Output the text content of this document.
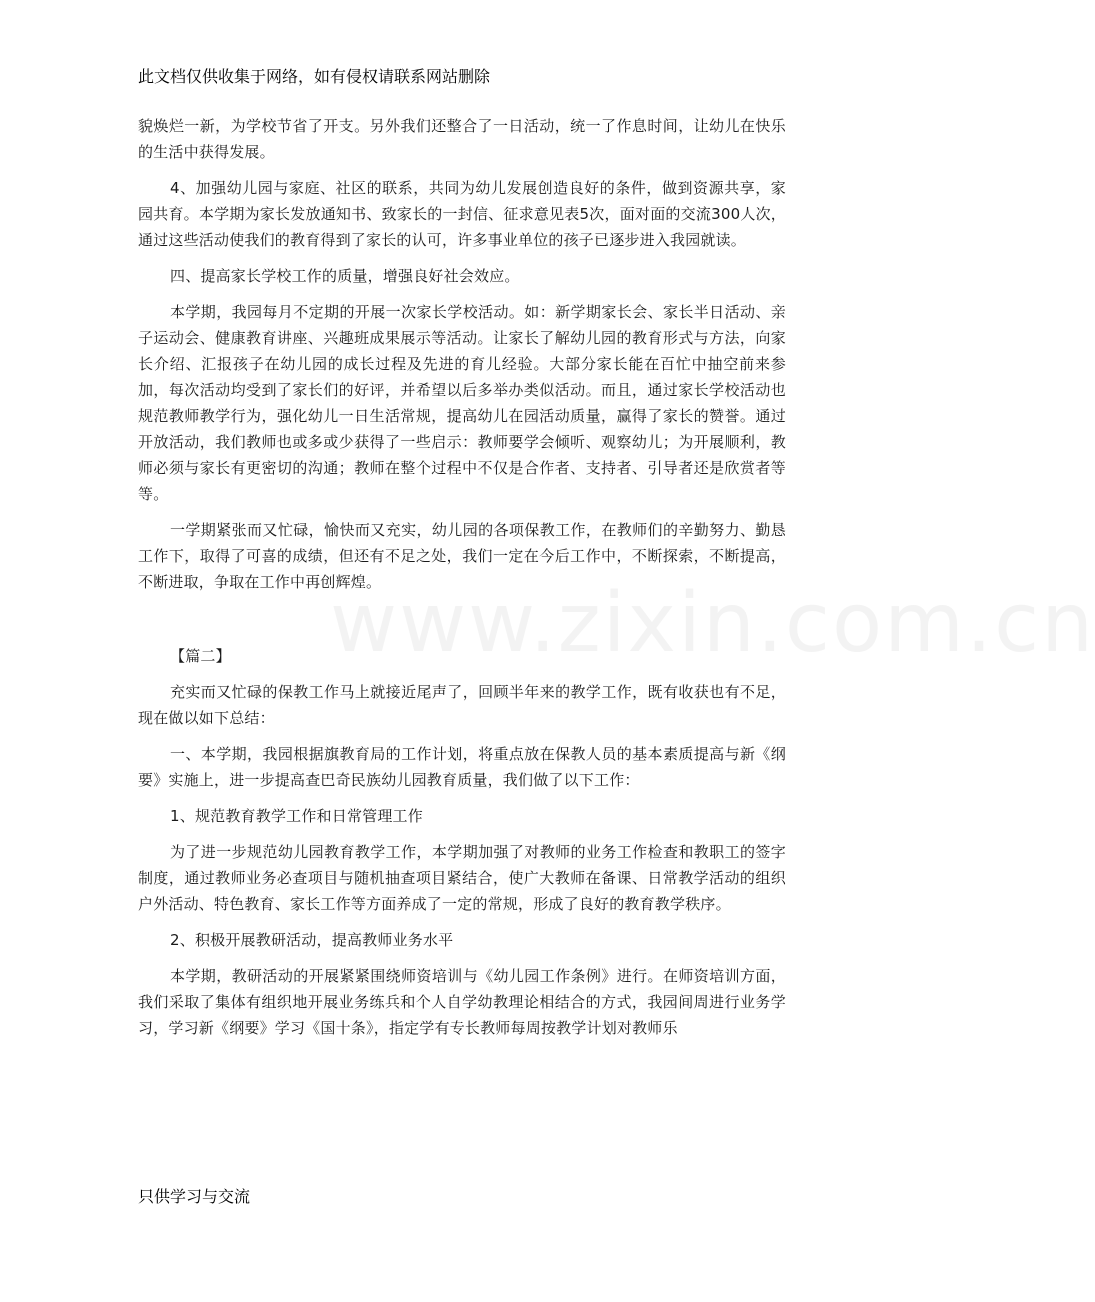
此文档仅供收集于网络，如有侵权请联系网站删除
www.zixin.com.cn

貌焕烂一新，为学校节省了开支。另外我们还整合了一日活动，统一了作息时间，让幼儿在快乐的生活中获得发展。

4、加强幼儿园与家庭、社区的联系，共同为幼儿发展创造良好的条件，做到资源共享，家园共育。本学期为家长发放通知书、致家长的一封信、征求意见表5次，面对面的交流300人次，通过这些活动使我们的教育得到了家长的认可，许多事业单位的孩子已逐步进入我园就读。

四、提高家长学校工作的质量，增强良好社会效应。

本学期，我园每月不定期的开展一次家长学校活动。如：新学期家长会、家长半日活动、亲子运动会、健康教育讲座、兴趣班成果展示等活动。让家长了解幼儿园的教育形式与方法，向家长介绍、汇报孩子在幼儿园的成长过程及先进的育儿经验。大部分家长能在百忙中抽空前来参加，每次活动均受到了家长们的好评，并希望以后多举办类似活动。而且，通过家长学校活动也规范教师教学行为，强化幼儿一日生活常规，提高幼儿在园活动质量，赢得了家长的赞誉。通过开放活动，我们教师也或多或少获得了一些启示：教师要学会倾听、观察幼儿；为开展顺利，教师必须与家长有更密切的沟通；教师在整个过程中不仅是合作者、支持者、引导者还是欣赏者等等。

一学期紧张而又忙碌，愉快而又充实，幼儿园的各项保教工作，在教师们的辛勤努力、勤恳工作下，取得了可喜的成绩，但还有不足之处，我们一定在今后工作中，不断探索，不断提高，不断进取，争取在工作中再创辉煌。

【篇二】

充实而又忙碌的保教工作马上就接近尾声了，回顾半年来的教学工作，既有收获也有不足，现在做以如下总结：

一、本学期，我园根据旗教育局的工作计划，将重点放在保教人员的基本素质提高与新《纲要》实施上，进一步提高查巴奇民族幼儿园教育质量，我们做了以下工作：

1、规范教育教学工作和日常管理工作

为了进一步规范幼儿园教育教学工作，本学期加强了对教师的业务工作检查和教职工的签字制度，通过教师业务必查项目与随机抽查项目紧结合，使广大教师在备课、日常教学活动的组织户外活动、特色教育、家长工作等方面养成了一定的常规，形成了良好的教育教学秩序。

2、积极开展教研活动，提高教师业务水平

本学期，教研活动的开展紧紧围绕师资培训与《幼儿园工作条例》进行。在师资培训方面，我们采取了集体有组织地开展业务练兵和个人自学幼教理论相结合的方式，我园间周进行业务学习，学习新《纲要》学习《国十条》，指定学有专长教师每周按教学计划对教师乐

只供学习与交流
